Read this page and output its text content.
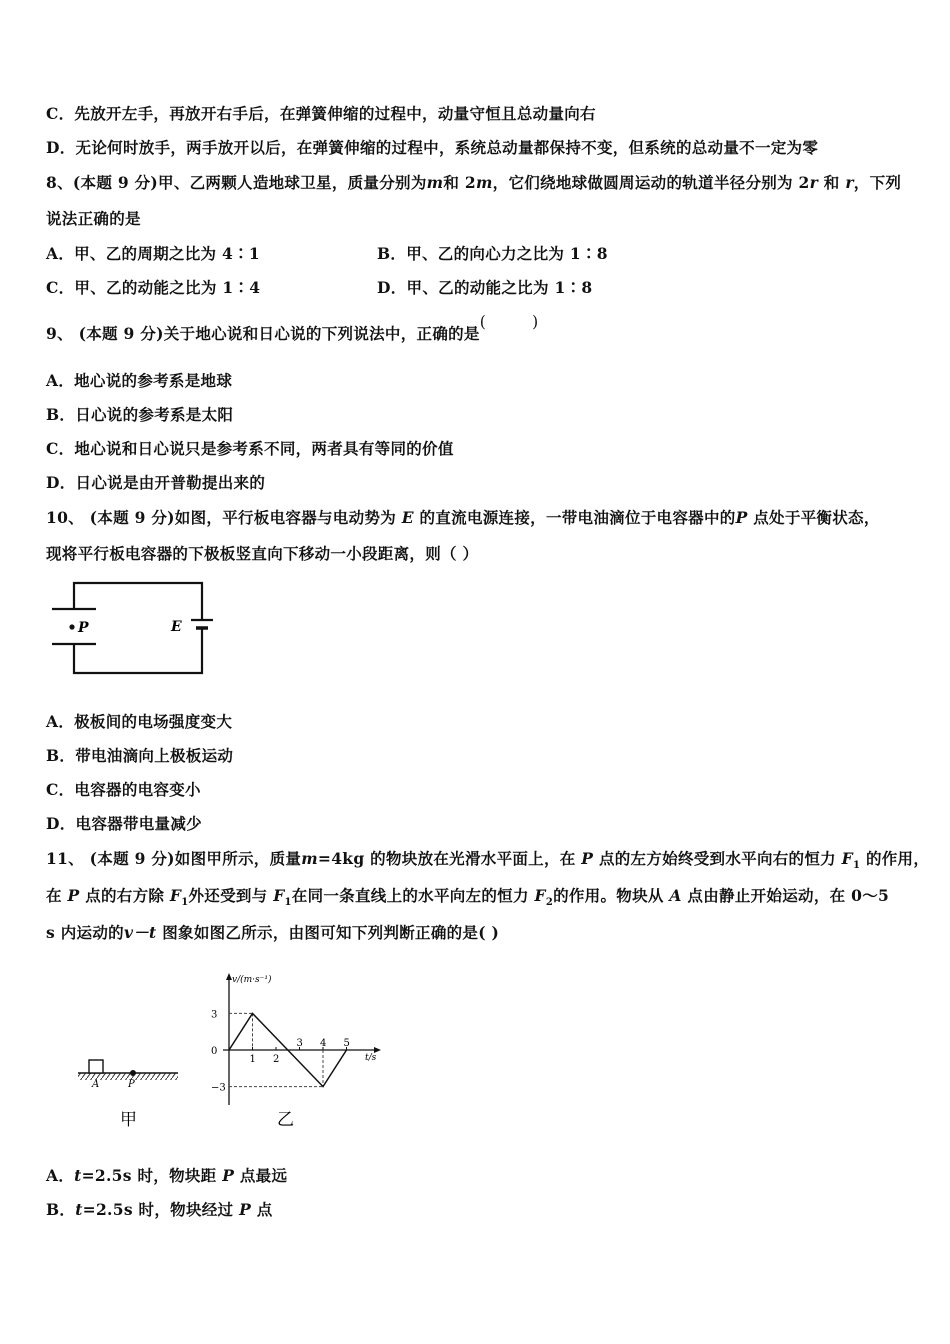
C．先放开左手，再放开右手后，在弹簧伸缩的过程中，动量守恒且总动量向右
D．无论何时放手，两手放开以后，在弹簧伸缩的过程中，系统总动量都保持不变，但系统的总动量不一定为零
8、(本题 9 分)甲、乙两颗人造地球卫星，质量分别为m和 2m，它们绕地球做圆周运动的轨道半径分别为 2r 和 r，下列
说法正确的是
A．甲、乙的周期之比为 4∶1	B．甲、乙的向心力之比为 1∶8
C．甲、乙的动能之比为 1∶4	D．甲、乙的动能之比为 1∶8
9、 (本题 9 分)关于地心说和日心说的下列说法中，正确的是(	)
A．地心说的参考系是地球
B．日心说的参考系是太阳
C．地心说和日心说只是参考系不同，两者具有等同的价值
D．日心说是由开普勒提出来的
10、 (本题 9 分)如图，平行板电容器与电动势为 E 的直流电源连接，一带电油滴位于电容器中的P 点处于平衡状态，
现将平行板电容器的下极板竖直向下移动一小段距离，则（ ）
P	E
A．极板间的电场强度变大
B．带电油滴向上极板运动
C．电容器的电容变小
D．电容器带电量减少
11、 (本题 9 分)如图甲所示，质量m=4kg 的物块放在光滑水平面上，在 P 点的左方始终受到水平向右的恒力 $F_1$ 的作用，
在 P 点的右方除 $F_1$外还受到与 $F_1$在同一条直线上的水平向左的恒力 $F_2$的作用。物块从 A 点由静止开始运动，在 0～5
s 内运动的v－t 图象如图乙所示，由图可知下列判断正确的是( )
A	P
甲
v/(m·s⁻¹)
t/s
3
0
−3
1 2
3 4 5
乙
A．t=2.5s 时，物块距 P 点最远
B．t=2.5s 时，物块经过 P 点
